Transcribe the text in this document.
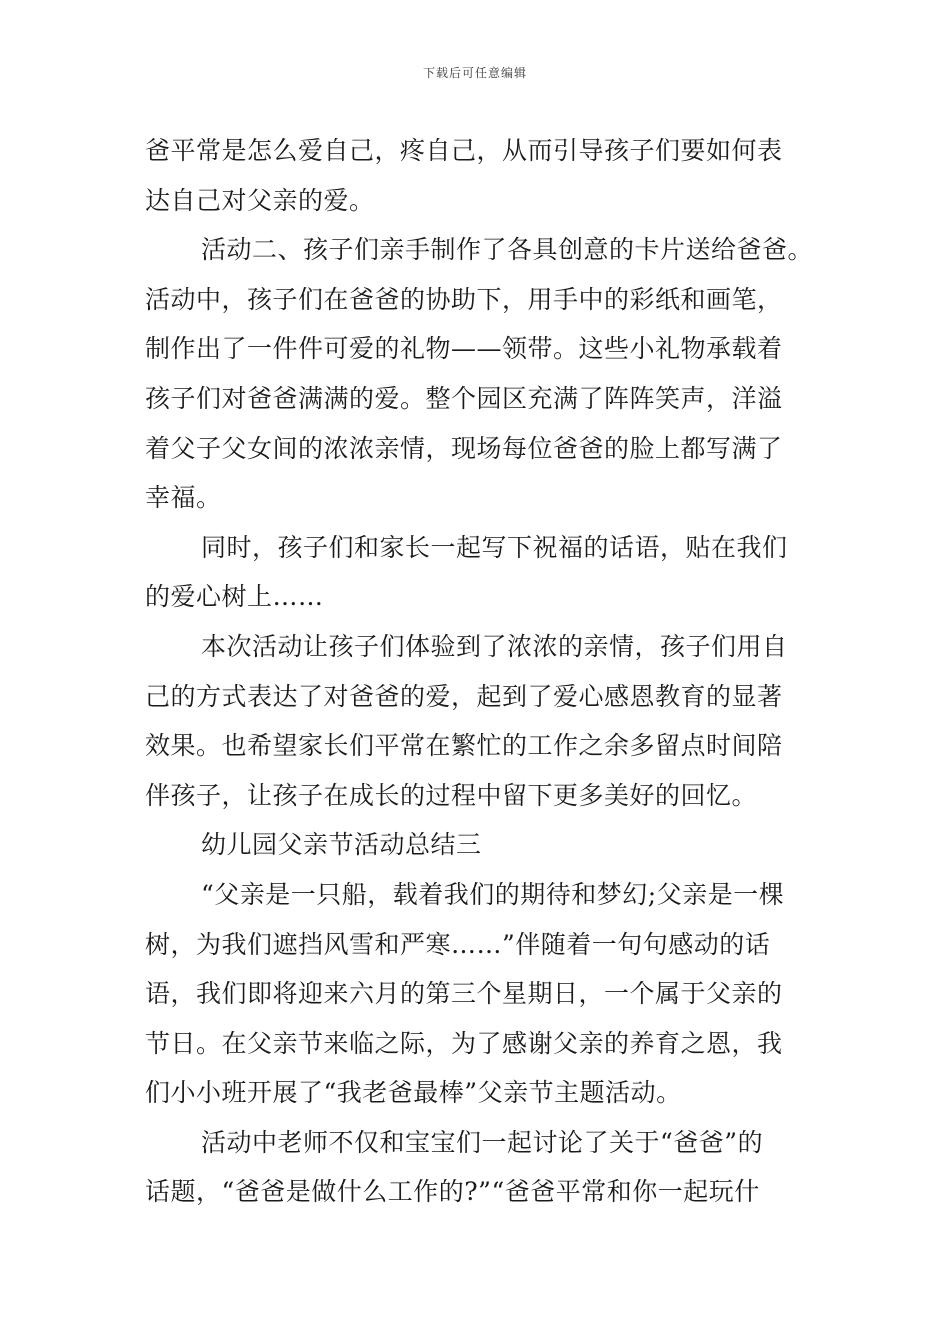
下载后可任意编辑
爸平常是怎么爱自己，疼自己，从而引导孩子们要如何表
达自己对父亲的爱。
活动二、孩子们亲手制作了各具创意的卡片送给爸爸。
活动中，孩子们在爸爸的协助下，用手中的彩纸和画笔，
制作出了一件件可爱的礼物——领带。这些小礼物承载着
孩子们对爸爸满满的爱。整个园区充满了阵阵笑声，洋溢
着父子父女间的浓浓亲情，现场每位爸爸的脸上都写满了
幸福。
同时，孩子们和家长一起写下祝福的话语，贴在我们
的爱心树上……
本次活动让孩子们体验到了浓浓的亲情，孩子们用自
己的方式表达了对爸爸的爱，起到了爱心感恩教育的显著
效果。也希望家长们平常在繁忙的工作之余多留点时间陪
伴孩子，让孩子在成长的过程中留下更多美好的回忆。
幼儿园父亲节活动总结三
“父亲是一只船，载着我们的期待和梦幻;父亲是一棵
树，为我们遮挡风雪和严寒……”伴随着一句句感动的话
语，我们即将迎来六月的第三个星期日，一个属于父亲的
节日。在父亲节来临之际，为了感谢父亲的养育之恩，我
们小小班开展了“我老爸最棒”父亲节主题活动。
活动中老师不仅和宝宝们一起讨论了关于“爸爸”的
话题，“爸爸是做什么工作的?”“爸爸平常和你一起玩什
